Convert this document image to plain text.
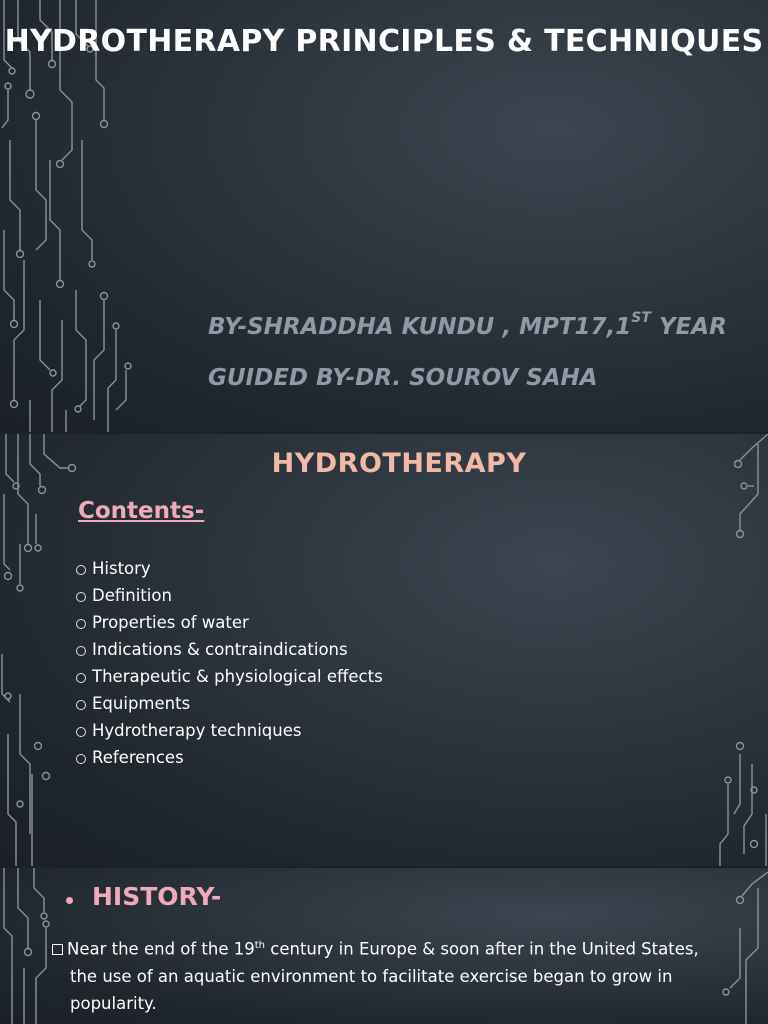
HYDROTHERAPY PRINCIPLES & TECHNIQUES
BY-SHRADDHA KUNDU , MPT17,1ST YEAR
GUIDED BY-DR. SOUROV SAHA
HYDROTHERAPY
Contents-
History
Definition
Properties of water
Indications & contraindications
Therapeutic & physiological effects
Equipments
Hydrotherapy techniques
References
HISTORY-
Near the end of the 19th century in Europe & soon after in the United States,
the use of an aquatic environment to facilitate exercise began to grow in
popularity.
